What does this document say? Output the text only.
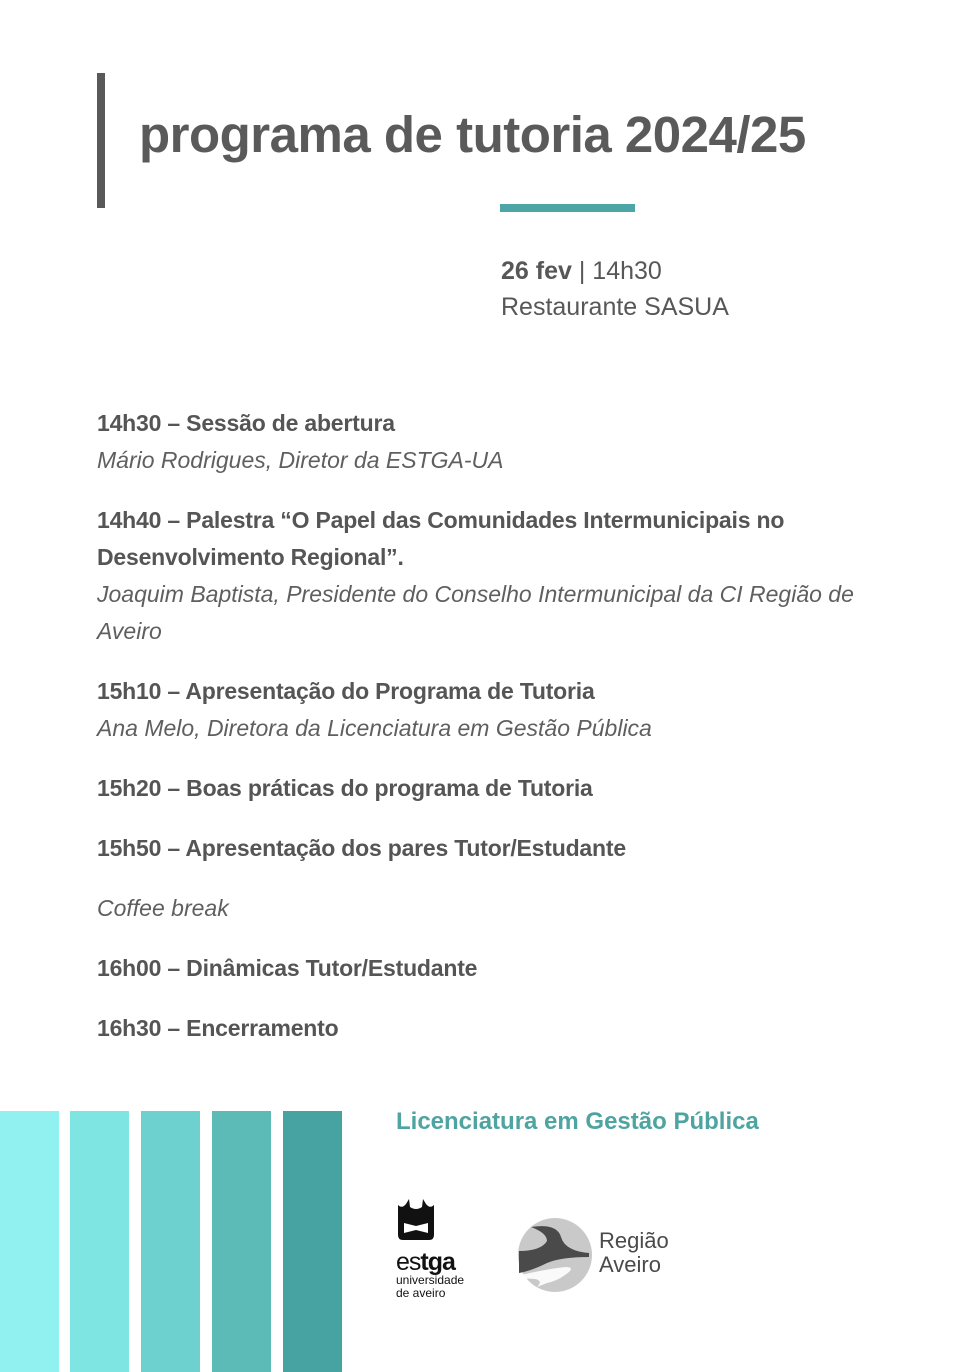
programa de tutoria 2024/25
26 fev | 14h30
Restaurante SASUA
14h30 – Sessão de abertura
Mário Rodrigues, Diretor da ESTGA-UA
14h40 – Palestra “O Papel das Comunidades Intermunicipais no Desenvolvimento Regional”.
Joaquim Baptista, Presidente do Conselho Intermunicipal da CI Região de Aveiro
15h10 – Apresentação do Programa de Tutoria
Ana Melo, Diretora da Licenciatura em Gestão Pública
15h20 – Boas práticas do programa de Tutoria
15h50 – Apresentação dos pares Tutor/Estudante
Coffee break
16h00 – Dinâmicas Tutor/Estudante
16h30 – Encerramento
Licenciatura em Gestão Pública
estga
universidade
de aveiro
Região
Aveiro
